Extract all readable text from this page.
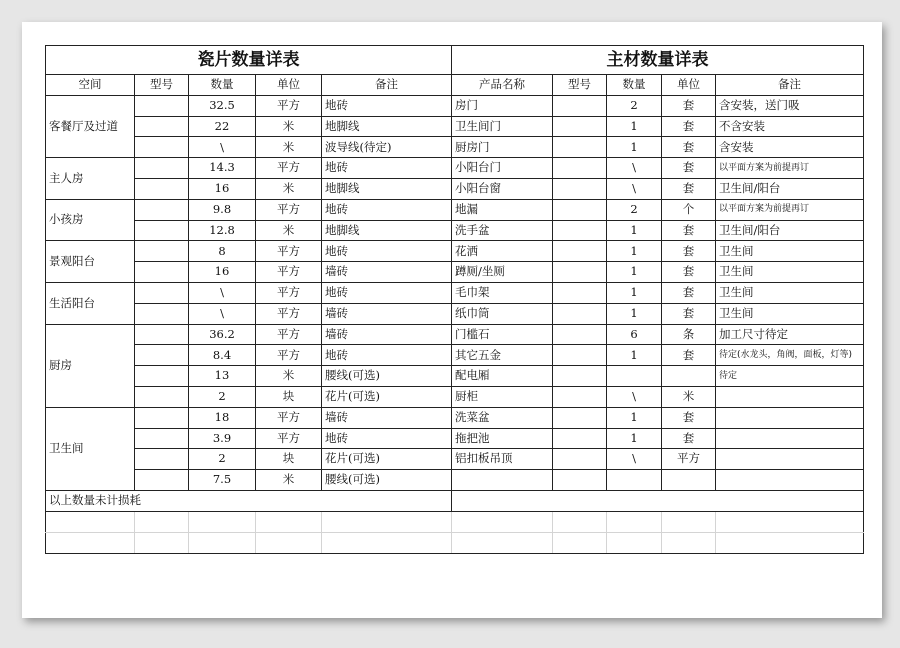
瓷片数量详表					主材数量详表				
空间	型号	数量	单位	备注	产品名称	型号	数量	单位	备注
客餐厅及过道		32.5	平方	地砖	房门		2	套	含安装，送门吸
		22	米	地脚线	卫生间门		1	套	不含安装
		\	米	波导线(待定)	厨房门		1	套	含安装
主人房		14.3	平方	地砖	小阳台门		\	套	以平面方案为前提再订
		16	米	地脚线	小阳台窗		\	套	卫生间/阳台
小孩房		9.8	平方	地砖	地漏		2	个	以平面方案为前提再订
		12.8	米	地脚线	洗手盆		1	套	卫生间/阳台
景观阳台		8	平方	地砖	花洒		1	套	卫生间
		16	平方	墙砖	蹲厕/坐厕		1	套	卫生间
生活阳台		\	平方	地砖	毛巾架		1	套	卫生间
		\	平方	墙砖	纸巾筒		1	套	卫生间
厨房		36.2	平方	墙砖	门槛石		6	条	加工尺寸待定
		8.4	平方	地砖	其它五金		1	套	待定(水龙头，角阀，面板，灯等)
		13	米	腰线(可选)	配电厢				待定
		2	块	花片(可选)	厨柜		\	米	
卫生间		18	平方	墙砖	洗菜盆		1	套	
		3.9	平方	地砖	拖把池		1	套	
		2	块	花片(可选)	铝扣板吊顶		\	平方	
		7.5	米	腰线(可选)					
以上数量未计损耗									
